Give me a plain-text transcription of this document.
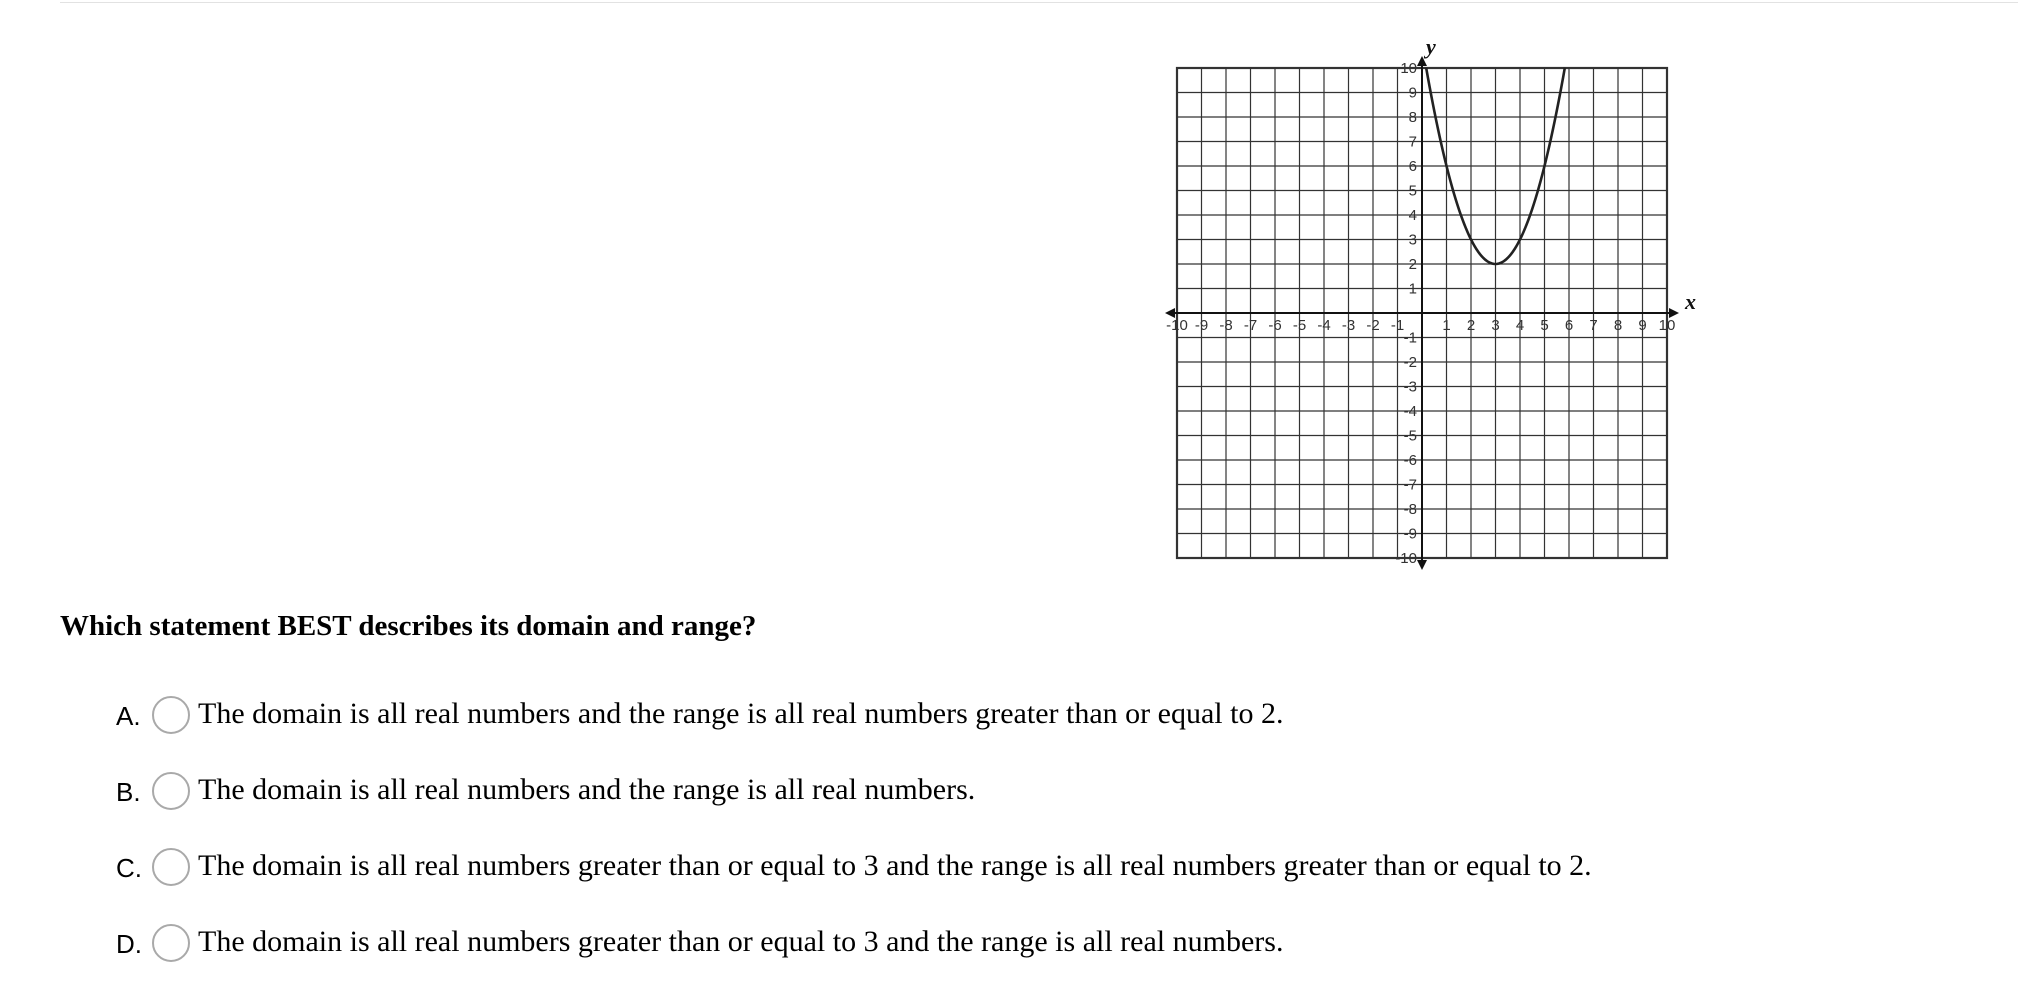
-10 -9 -8 -7 -6 -5 -4 -3 -2 -1	1 2 3 4 5 6 7 8 9 10
-10
-9
-8
-7
-6
-5
-4
-3
-2
-1
1
2
3
4
5
6
7
8
9
10
x
y

Which statement BEST describes its domain and range?

A.	The domain is all real numbers and the range is all real numbers greater than or equal to 2.
B.	The domain is all real numbers and the range is all real numbers.
C.	The domain is all real numbers greater than or equal to 3 and the range is all real numbers greater than or equal to 2.
D.	The domain is all real numbers greater than or equal to 3 and the range is all real numbers.
